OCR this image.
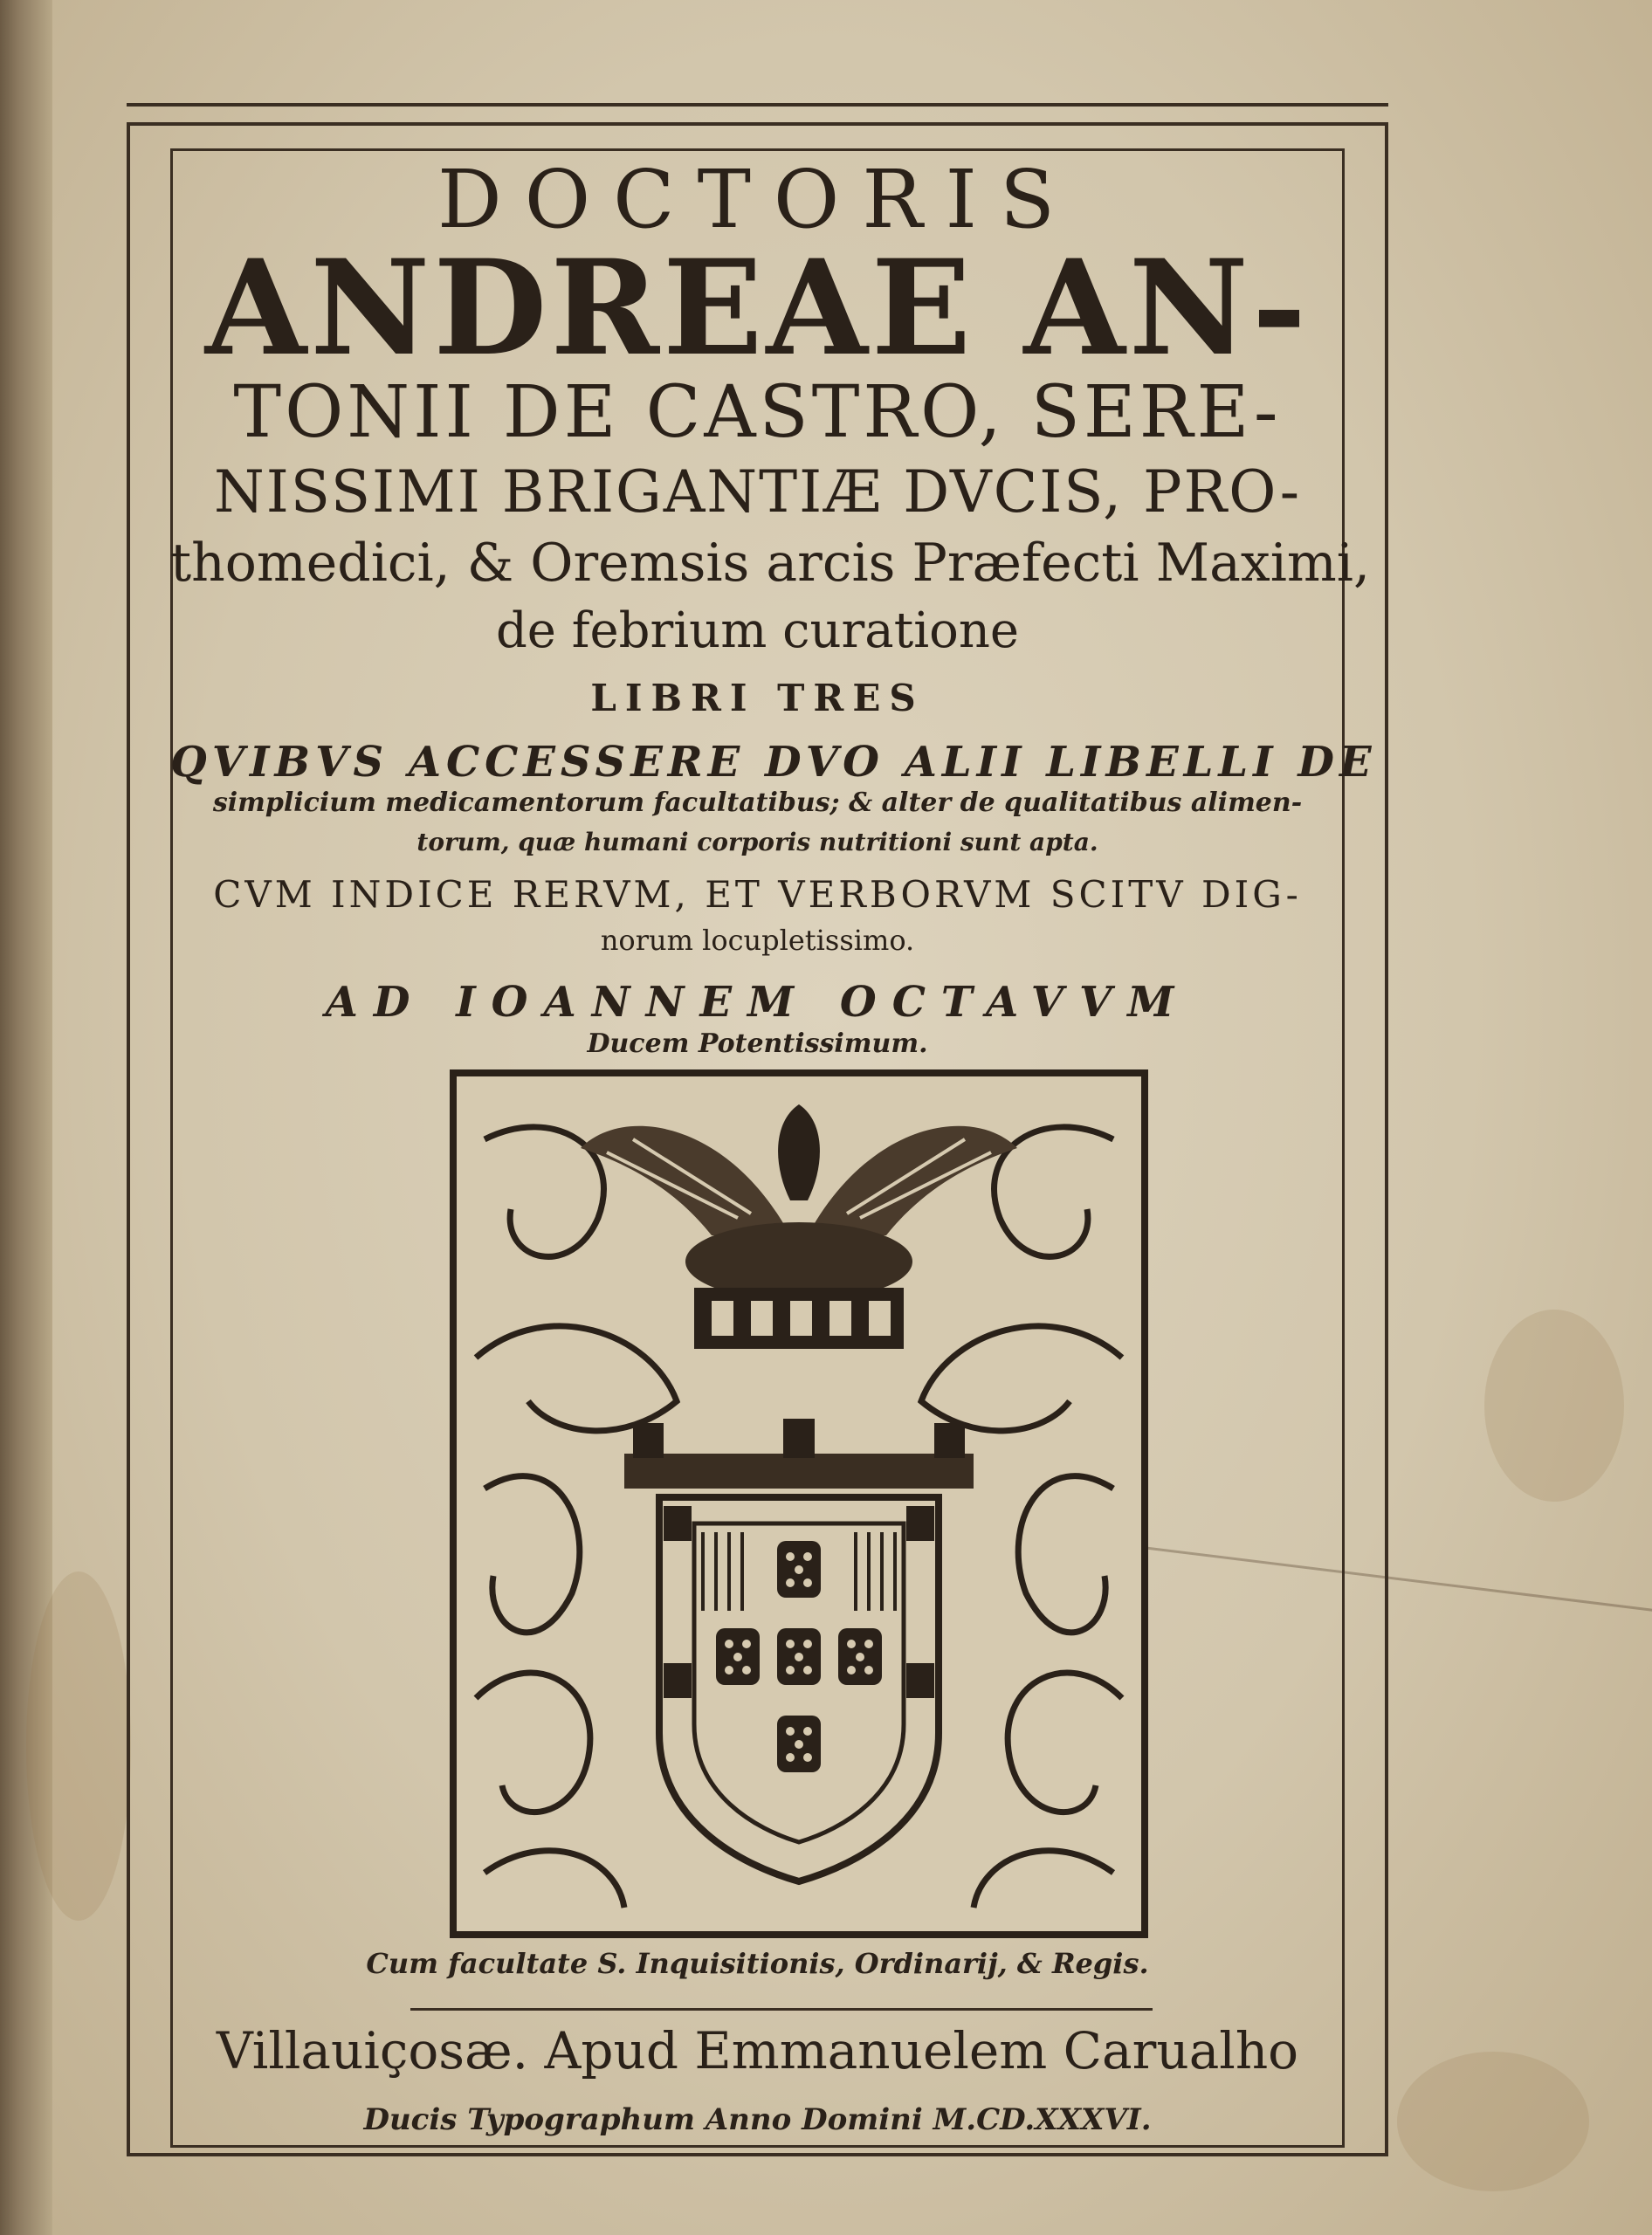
DOCTORIS
ANDREAE AN-
TONII DE CASTRO, SERE-
NISSIMI BRIGANTIÆ DVCIS, PRO-
thomedici, & Oremsis arcis Præfecti Maximi,
de febrium curatione
LIBRI TRES
QVIBVS ACCESSERE DVO ALII LIBELLI DE
simplicium medicamentorum facultatibus; & alter de qualitatibus alimen-
torum, quæ humani corporis nutritioni sunt apta.
CVM INDICE RERVM, ET VERBORVM SCITV DIG-
norum locupletissimo.
AD IOANNEM OCTAVVM
Ducem Potentissimum.
Cum facultate S. Inquisitionis, Ordinarij, & Regis.
Villauiçosæ. Apud Emmanuelem Carualho
Ducis Typographum Anno Domini M.CD.XXXVI.
